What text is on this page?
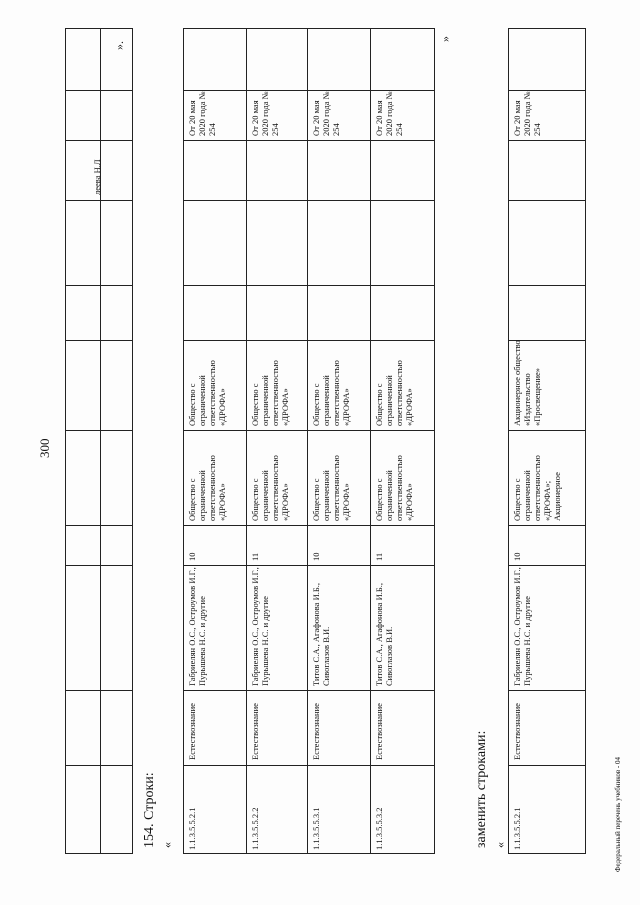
300
леева Н.Л
».
154. Строки: « 1.1.3.5.5.2.1
Естествознание
Габриелян О.С., Остроумов И.Г., Пурышева Н.С. и другие
10
Общество с ограниченной ответственностью «ДРОФА»
Общество с ограниченной ответственностью «ДРОФА»
От 20 мая 2020 года № 254
1.1.3.5.5.2.2
Естествознание
Габриелян О.С., Остроумов И.Г., Пурышева Н.С. и другие
11
Общество с ограниченной ответственностью «ДРОФА»
Общество с ограниченной ответственностью «ДРОФА»
От 20 мая 2020 года № 254
1.1.3.5.5.3.1
Естествознание
Титов С.А., Агафонова И.Б., Сивоглазов В.И.
10
Общество с ограниченной ответственностью «ДРОФА»
Общество с ограниченной ответственностью «ДРОФА»
От 20 мая 2020 года № 254
1.1.3.5.5.3.2
Естествознание
Титов С.А., Агафонова И.Б., Сивоглазов В.И.
11
Общество с ограниченной ответственностью «ДРОФА»
Общество с ограниченной ответственностью «ДРОФА»
От 20 мая 2020 года № 254
»
заменить строками: « 1.1.3.5.5.2.1
Естествознание
Габриелян О.С., Остроумов И.Г., Пурышева Н.С. и другие
10
Общество с ограниченной ответственностью «ДРОФА»; Акционерное
Акционерное общество «Издательство «Просвещение»
От 20 мая 2020 года № 254
Федеральный перечень учебников - 04
